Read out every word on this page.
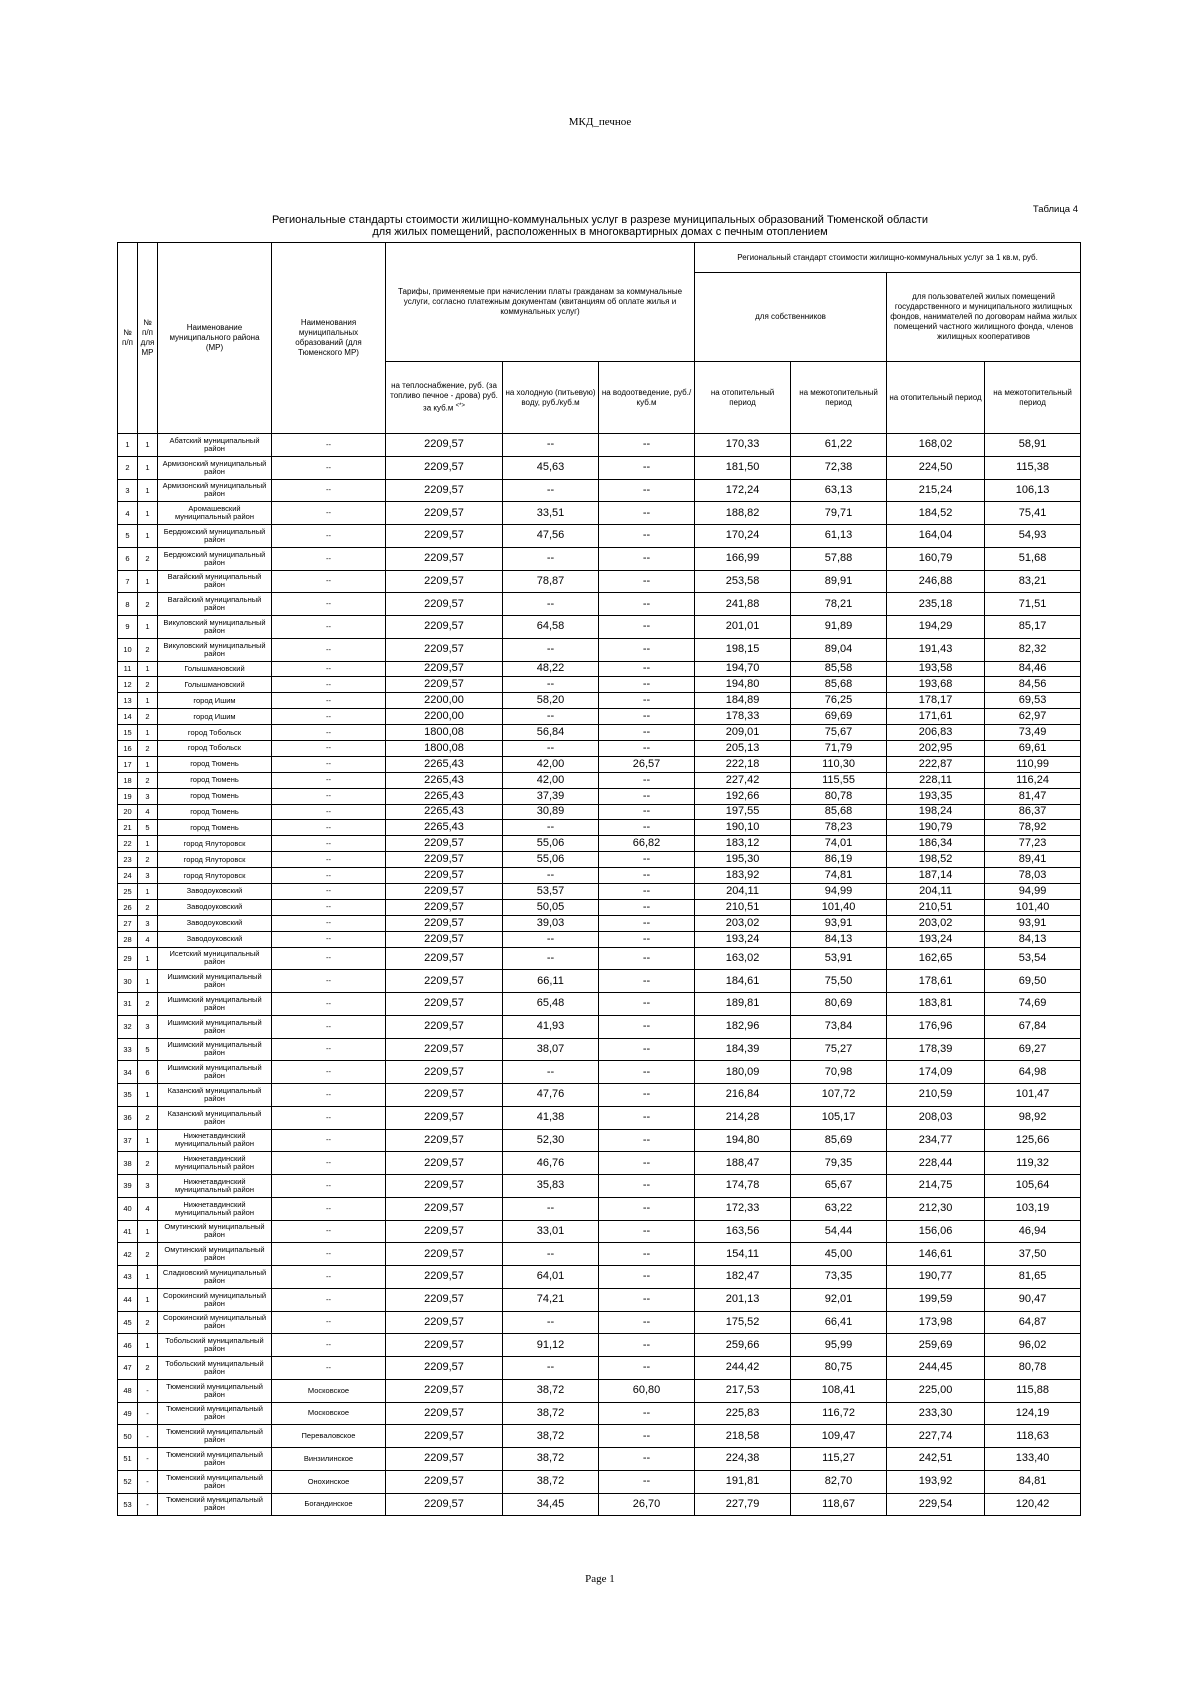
МКД_печное
Таблица 4
Региональные стандарты стоимости жилищно-коммунальных услуг в разрезе муниципальных образований Тюменской области
для жилых помещений, расположенных в многоквартирных домах с печным отоплением
№ п/п	№ п/п для МР	Наименование муниципального района (МР)	Наименования муниципальных образований (для Тюменского МР)	Тарифы, применяемые при начислении платы гражданам за коммунальные услуги, согласно платежным документам (квитанциям об оплате жилья и коммунальных услуг)			Региональный стандарт стоимости жилищно-коммунальных услуг за 1 кв.м, руб.			
							для собственников		для пользователей жилых помещений государственного и муниципального жилищных фондов, нанимателей по договорам найма жилых помещений частного жилищного фонда, членов жилищных кооперативов	
				на теплоснабжение, руб. (за топливо печное - дрова) руб. за куб.м <*>	на холодную (питьевую) воду, руб./куб.м	на водоотведение, руб./куб.м	на отопительный период	на межотопительный период	на отопительный период	на межотопительный период
1	1	Абатский муниципальный район	--	2209,57	--	--	170,33	61,22	168,02	58,91
2	1	Армизонский муниципальный район	--	2209,57	45,63	--	181,50	72,38	224,50	115,38
3	1	Армизонский муниципальный район	--	2209,57	--	--	172,24	63,13	215,24	106,13
4	1	Аромашевский муниципальный район	--	2209,57	33,51	--	188,82	79,71	184,52	75,41
5	1	Бердюжский муниципальный район	--	2209,57	47,56	--	170,24	61,13	164,04	54,93
6	2	Бердюжский муниципальный район	--	2209,57	--	--	166,99	57,88	160,79	51,68
7	1	Вагайский муниципальный район	--	2209,57	78,87	--	253,58	89,91	246,88	83,21
8	2	Вагайский муниципальный район	--	2209,57	--	--	241,88	78,21	235,18	71,51
9	1	Викуловский муниципальный район	--	2209,57	64,58	--	201,01	91,89	194,29	85,17
10	2	Викуловский муниципальный район	--	2209,57	--	--	198,15	89,04	191,43	82,32
11	1	Голышмановский	--	2209,57	48,22	--	194,70	85,58	193,58	84,46
12	2	Голышмановский	--	2209,57	--	--	194,80	85,68	193,68	84,56
13	1	город Ишим	--	2200,00	58,20	--	184,89	76,25	178,17	69,53
14	2	город Ишим	--	2200,00	--	--	178,33	69,69	171,61	62,97
15	1	город Тобольск	--	1800,08	56,84	--	209,01	75,67	206,83	73,49
16	2	город Тобольск	--	1800,08	--	--	205,13	71,79	202,95	69,61
17	1	город Тюмень	--	2265,43	42,00	26,57	222,18	110,30	222,87	110,99
18	2	город Тюмень	--	2265,43	42,00	--	227,42	115,55	228,11	116,24
19	3	город Тюмень	--	2265,43	37,39	--	192,66	80,78	193,35	81,47
20	4	город Тюмень	--	2265,43	30,89	--	197,55	85,68	198,24	86,37
21	5	город Тюмень	--	2265,43	--	--	190,10	78,23	190,79	78,92
22	1	город Ялуторовск	--	2209,57	55,06	66,82	183,12	74,01	186,34	77,23
23	2	город Ялуторовск	--	2209,57	55,06	--	195,30	86,19	198,52	89,41
24	3	город Ялуторовск	--	2209,57	--	--	183,92	74,81	187,14	78,03
25	1	Заводоуковский	--	2209,57	53,57	--	204,11	94,99	204,11	94,99
26	2	Заводоуковский	--	2209,57	50,05	--	210,51	101,40	210,51	101,40
27	3	Заводоуковский	--	2209,57	39,03	--	203,02	93,91	203,02	93,91
28	4	Заводоуковский	--	2209,57	--	--	193,24	84,13	193,24	84,13
29	1	Исетский муниципальный район	--	2209,57	--	--	163,02	53,91	162,65	53,54
30	1	Ишимский муниципальный район	--	2209,57	66,11	--	184,61	75,50	178,61	69,50
31	2	Ишимский муниципальный район	--	2209,57	65,48	--	189,81	80,69	183,81	74,69
32	3	Ишимский муниципальный район	--	2209,57	41,93	--	182,96	73,84	176,96	67,84
33	5	Ишимский муниципальный район	--	2209,57	38,07	--	184,39	75,27	178,39	69,27
34	6	Ишимский муниципальный район	--	2209,57	--	--	180,09	70,98	174,09	64,98
35	1	Казанский муниципальный район	--	2209,57	47,76	--	216,84	107,72	210,59	101,47
36	2	Казанский муниципальный район	--	2209,57	41,38	--	214,28	105,17	208,03	98,92
37	1	Нижнетавдинский муниципальный район	--	2209,57	52,30	--	194,80	85,69	234,77	125,66
38	2	Нижнетавдинский муниципальный район	--	2209,57	46,76	--	188,47	79,35	228,44	119,32
39	3	Нижнетавдинский муниципальный район	--	2209,57	35,83	--	174,78	65,67	214,75	105,64
40	4	Нижнетавдинский муниципальный район	--	2209,57	--	--	172,33	63,22	212,30	103,19
41	1	Омутинский муниципальный район	--	2209,57	33,01	--	163,56	54,44	156,06	46,94
42	2	Омутинский муниципальный район	--	2209,57	--	--	154,11	45,00	146,61	37,50
43	1	Сладковский муниципальный район	--	2209,57	64,01	--	182,47	73,35	190,77	81,65
44	1	Сорокинский муниципальный район	--	2209,57	74,21	--	201,13	92,01	199,59	90,47
45	2	Сорокинский муниципальный район	--	2209,57	--	--	175,52	66,41	173,98	64,87
46	1	Тобольский муниципальный район	--	2209,57	91,12	--	259,66	95,99	259,69	96,02
47	2	Тобольский муниципальный район	--	2209,57	--	--	244,42	80,75	244,45	80,78
48	-	Тюменский муниципальный район	Московское	2209,57	38,72	60,80	217,53	108,41	225,00	115,88
49	-	Тюменский муниципальный район	Московское	2209,57	38,72	--	225,83	116,72	233,30	124,19
50	-	Тюменский муниципальный район	Переваловское	2209,57	38,72	--	218,58	109,47	227,74	118,63
51	-	Тюменский муниципальный район	Винзилинское	2209,57	38,72	--	224,38	115,27	242,51	133,40
52	-	Тюменский муниципальный район	Онохинское	2209,57	38,72	--	191,81	82,70	193,92	84,81
53	-	Тюменский муниципальный район	Богандинское	2209,57	34,45	26,70	227,79	118,67	229,54	120,42
Page 1
